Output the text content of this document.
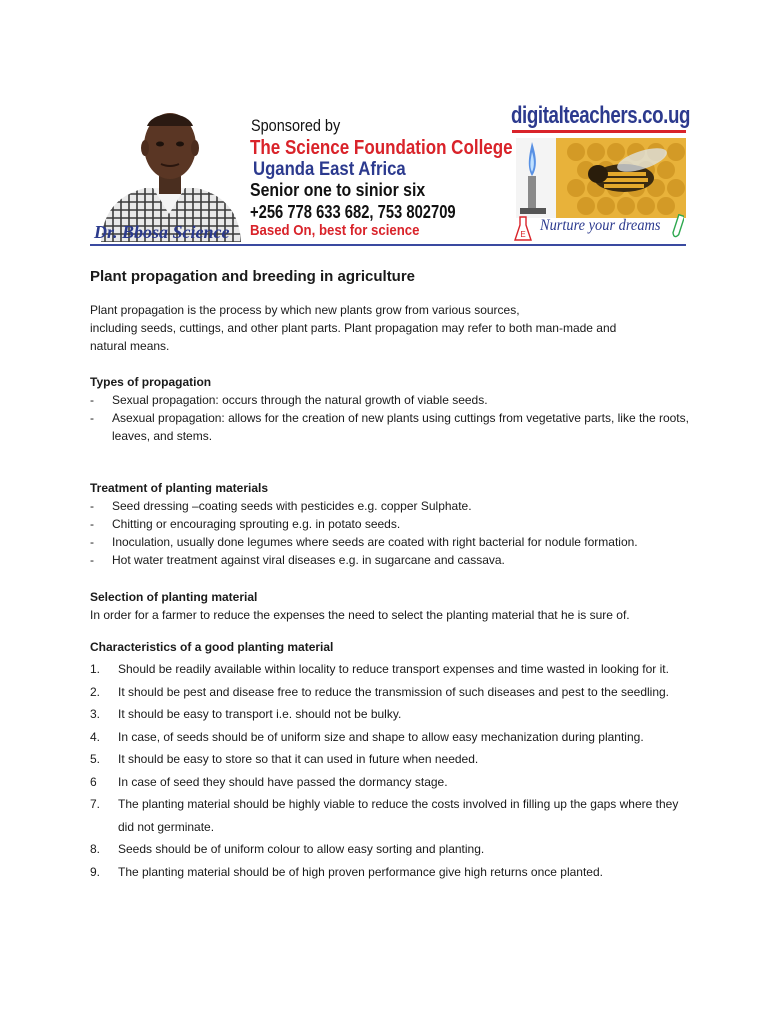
Dr. Bbosa Science
Sponsored by
The Science Foundation College
Uganda East Africa
Senior one to sinior six
+256 778 633 682, 753 802709
Based On, best for science
digitalteachers.co.ug
E
Nurture your dreams
Plant propagation and breeding in agriculture

Plant propagation is the process by which new plants grow from various sources,

including seeds, cuttings, and other plant parts. Plant propagation may refer to both man-made and

natural means.

Types of propagation
- Sexual propagation: occurs through the natural growth of viable seeds.
- Asexual propagation: allows for the creation of new plants using cuttings from vegetative parts, like the roots, leaves, and stems.
Treatment of planting materials
- Seed dressing –coating seeds with pesticides e.g. copper Sulphate.
- Chitting or encouraging sprouting e.g. in potato seeds.
- Inoculation, usually done legumes where seeds are coated with right bacterial for nodule formation.
- Hot water treatment against viral diseases e.g. in sugarcane and cassava.
Selection of planting material

In order for a farmer to reduce the expenses the need to select the planting material that he is sure of.

Characteristics of a good planting material
1. Should be readily available within locality to reduce transport expenses and time wasted in looking for it.
2. It should be pest and disease free to reduce the transmission of such diseases and pest to the seedling.
3. It should be easy to transport i.e. should not be bulky.
4. In case, of seeds should be of uniform size and shape to allow easy mechanization during planting.
5. It should be easy to store so that it can used in future when needed.
6 In case of seed they should have passed the dormancy stage.
7. The planting material should be highly viable to reduce the costs involved in filling up the gaps where they did not germinate.
8. Seeds should be of uniform colour to allow easy sorting and planting.
9. The planting material should be of high proven performance give high returns once planted.
